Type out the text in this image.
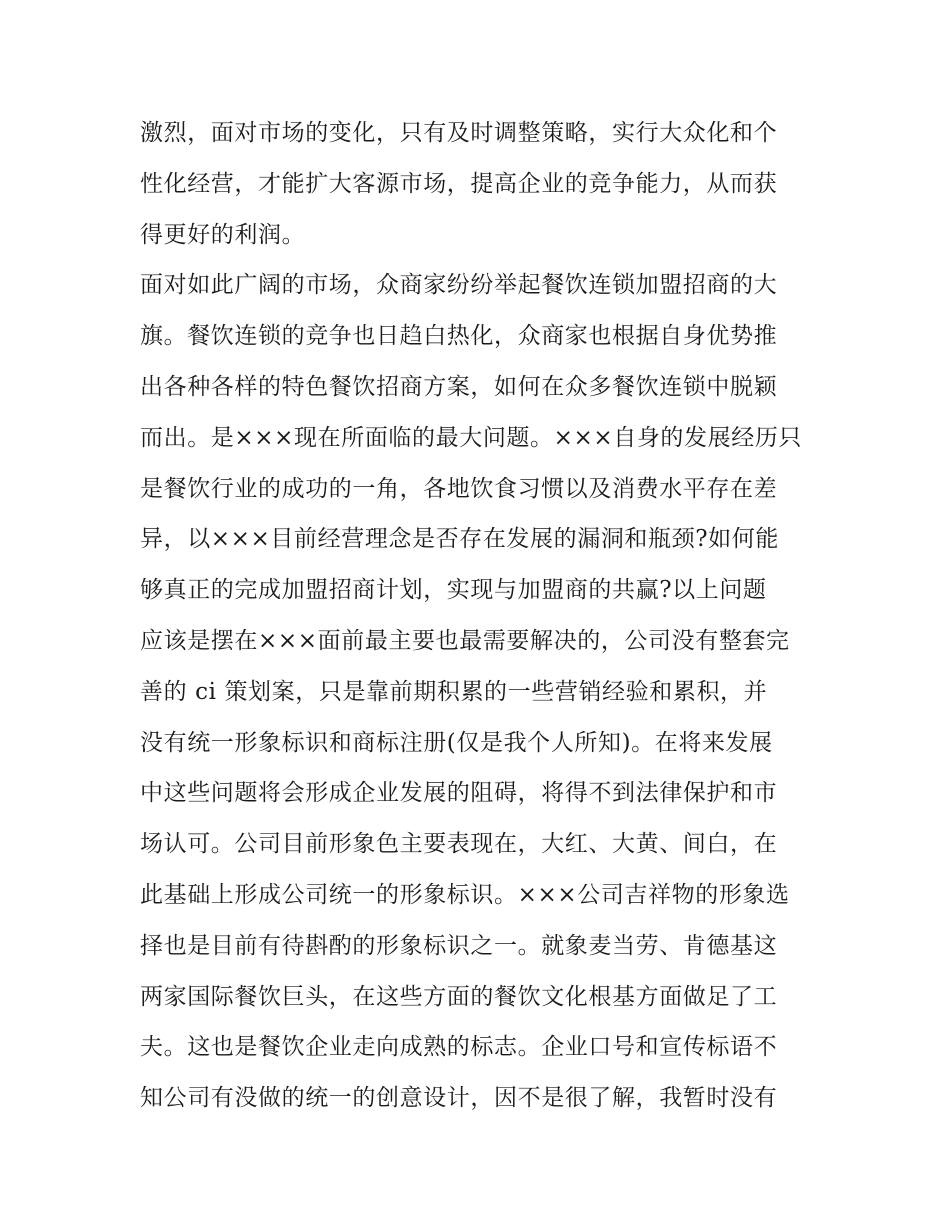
激烈，面对市场的变化，只有及时调整策略，实行大众化和个
性化经营，才能扩大客源市场，提高企业的竞争能力，从而获
得更好的利润。
面对如此广阔的市场，众商家纷纷举起餐饮连锁加盟招商的大
旗。餐饮连锁的竞争也日趋白热化，众商家也根据自身优势推
出各种各样的特色餐饮招商方案，如何在众多餐饮连锁中脱颖
而出。是×××现在所面临的最大问题。×××自身的发展经历只
是餐饮行业的成功的一角，各地饮食习惯以及消费水平存在差
异，以×××目前经营理念是否存在发展的漏洞和瓶颈?如何能
够真正的完成加盟招商计划，实现与加盟商的共赢?以上问题
应该是摆在×××面前最主要也最需要解决的，公司没有整套完
善的 ci 策划案，只是靠前期积累的一些营销经验和累积，并
没有统一形象标识和商标注册(仅是我个人所知)。在将来发展
中这些问题将会形成企业发展的阻碍，将得不到法律保护和市
场认可。公司目前形象色主要表现在，大红、大黄、间白，在
此基础上形成公司统一的形象标识。×××公司吉祥物的形象选
择也是目前有待斟酌的形象标识之一。就象麦当劳、肯德基这
两家国际餐饮巨头，在这些方面的餐饮文化根基方面做足了工
夫。这也是餐饮企业走向成熟的标志。企业口号和宣传标语不
知公司有没做的统一的创意设计，因不是很了解，我暂时没有
